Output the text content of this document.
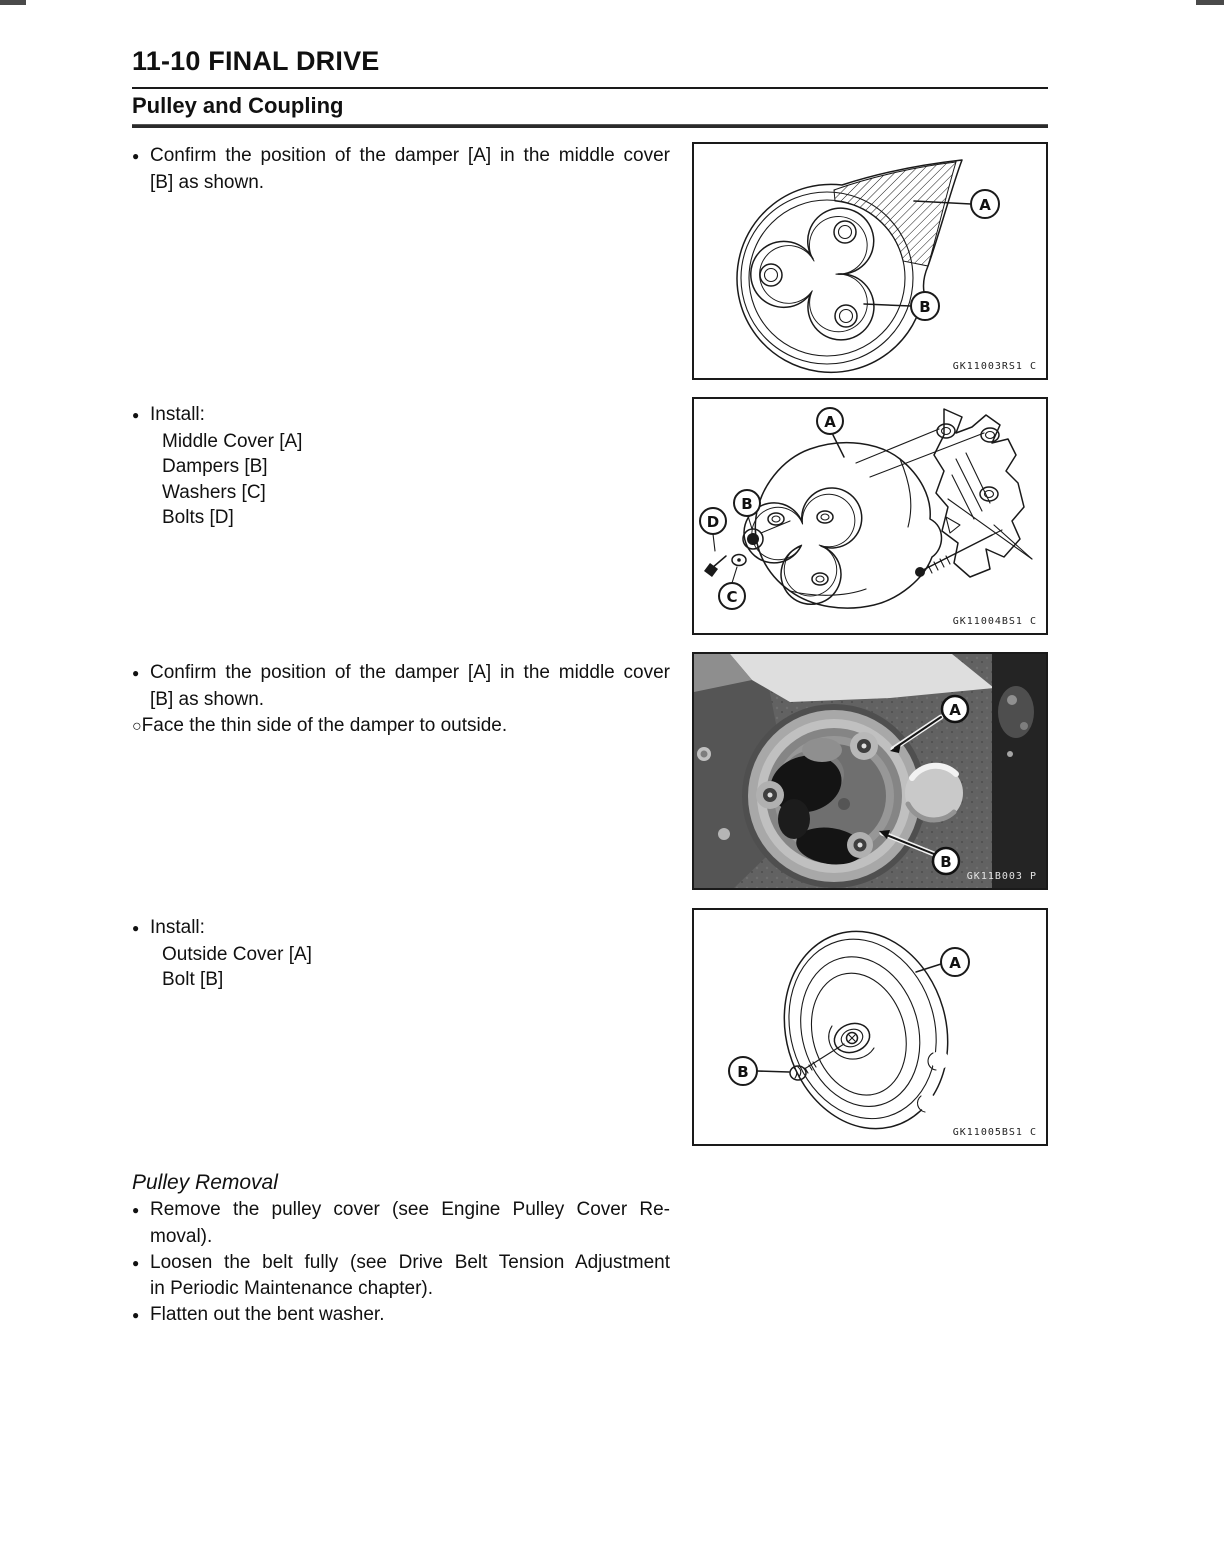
11-10 FINAL DRIVE
Pulley and Coupling
● Confirm the position of the damper [A] in the middle cover
[B] as shown.
● Install:
Middle Cover [A]
Dampers [B]
Washers [C]
Bolts [D]
● Confirm the position of the damper [A] in the middle cover
[B] as shown.
○Face the thin side of the damper to outside.
● Install:
Outside Cover [A]
Bolt [B]
Pulley Removal
● Remove the pulley cover (see Engine Pulley Cover Re-
moval).
● Loosen the belt fully (see Drive Belt Tension Adjustment
in Periodic Maintenance chapter).
● Flatten out the bent washer.
A
B
GK11003RS1 C
A
B
D
C
GK11004BS1 C
A
B
GK11B003 P
B
A
GK11005BS1 C
